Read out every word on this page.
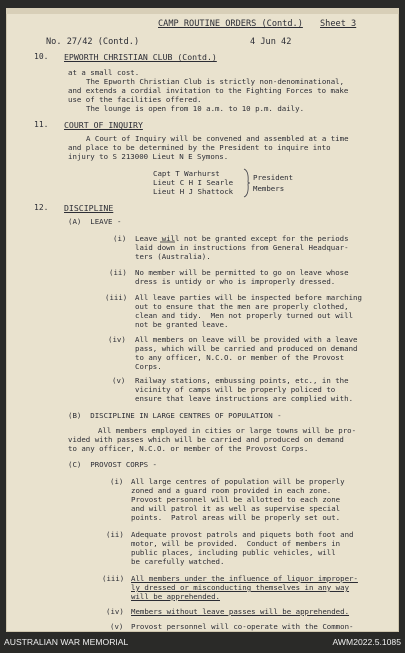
CAMP ROUTINE ORDERS (Contd.) Sheet 3
No. 27/42 (Contd.)	4 Jun 42
10. EPWORTH CHRISTIAN CLUB (Contd.)
at a small cost.
The Epworth Christian Club is strictly non-denominational,
and extends a cordial invitation to the Fighting Forces to make
use of the facilities offered.
The lounge is open from 10 a.m. to 10 p.m. daily.
11. COURT OF INQUIRY
A Court of Inquiry will be convened and assembled at a time
and place to be determined by the President to inquire into
injury to S 213000 Lieut N E Symons.
Capt T Warhurst
Lieut C H I Searle
Lieut H J Shattock
President
Members
12. DISCIPLINE
(A)  LEAVE -
(i) Leave will not be granted except for the periods
laid down in instructions from General Headquar-
ters (Australia).
(ii) No member will be permitted to go on leave whose
dress is untidy or who is improperly dressed.
(iii) All leave parties will be inspected before marching
out to ensure that the men are properly clothed,
clean and tidy.  Men not properly turned out will
not be granted leave.
(iv) All members on leave will be provided with a leave
pass, which will be carried and produced on demand
to any officer, N.C.O. or member of the Provost
Corps.
(v) Railway stations, embussing points, etc., in the
vicinity of camps will be properly policed to
ensure that leave instructions are complied with.
(B)  DISCIPLINE IN LARGE CENTRES OF POPULATION -
All members employed in cities or large towns will be pro-
vided with passes which will be carried and produced on demand
to any officer, N.C.O. or member of the Provost Corps.
(C)  PROVOST CORPS -
(i) All large centres of population will be properly
zoned and a guard room provided in each zone.
Provost personnel will be allotted to each zone
and will patrol it as well as supervise special
points.  Patrol areas will be properly set out.
(ii) Adequate provost patrols and piquets both foot and
motor, will be provided.  Conduct of members in
public places, including public vehicles, will
be carefully watched.
(iii) All members under the influence of liquor improper-
ly dressed or misconducting themselves in any way
will be apprehended.
(iv) Members without leave passes will be apprehended.
(v) Provost personnel will co-operate with the Common-
AUSTRALIAN WAR MEMORIAL	AWM2022.5.1085
